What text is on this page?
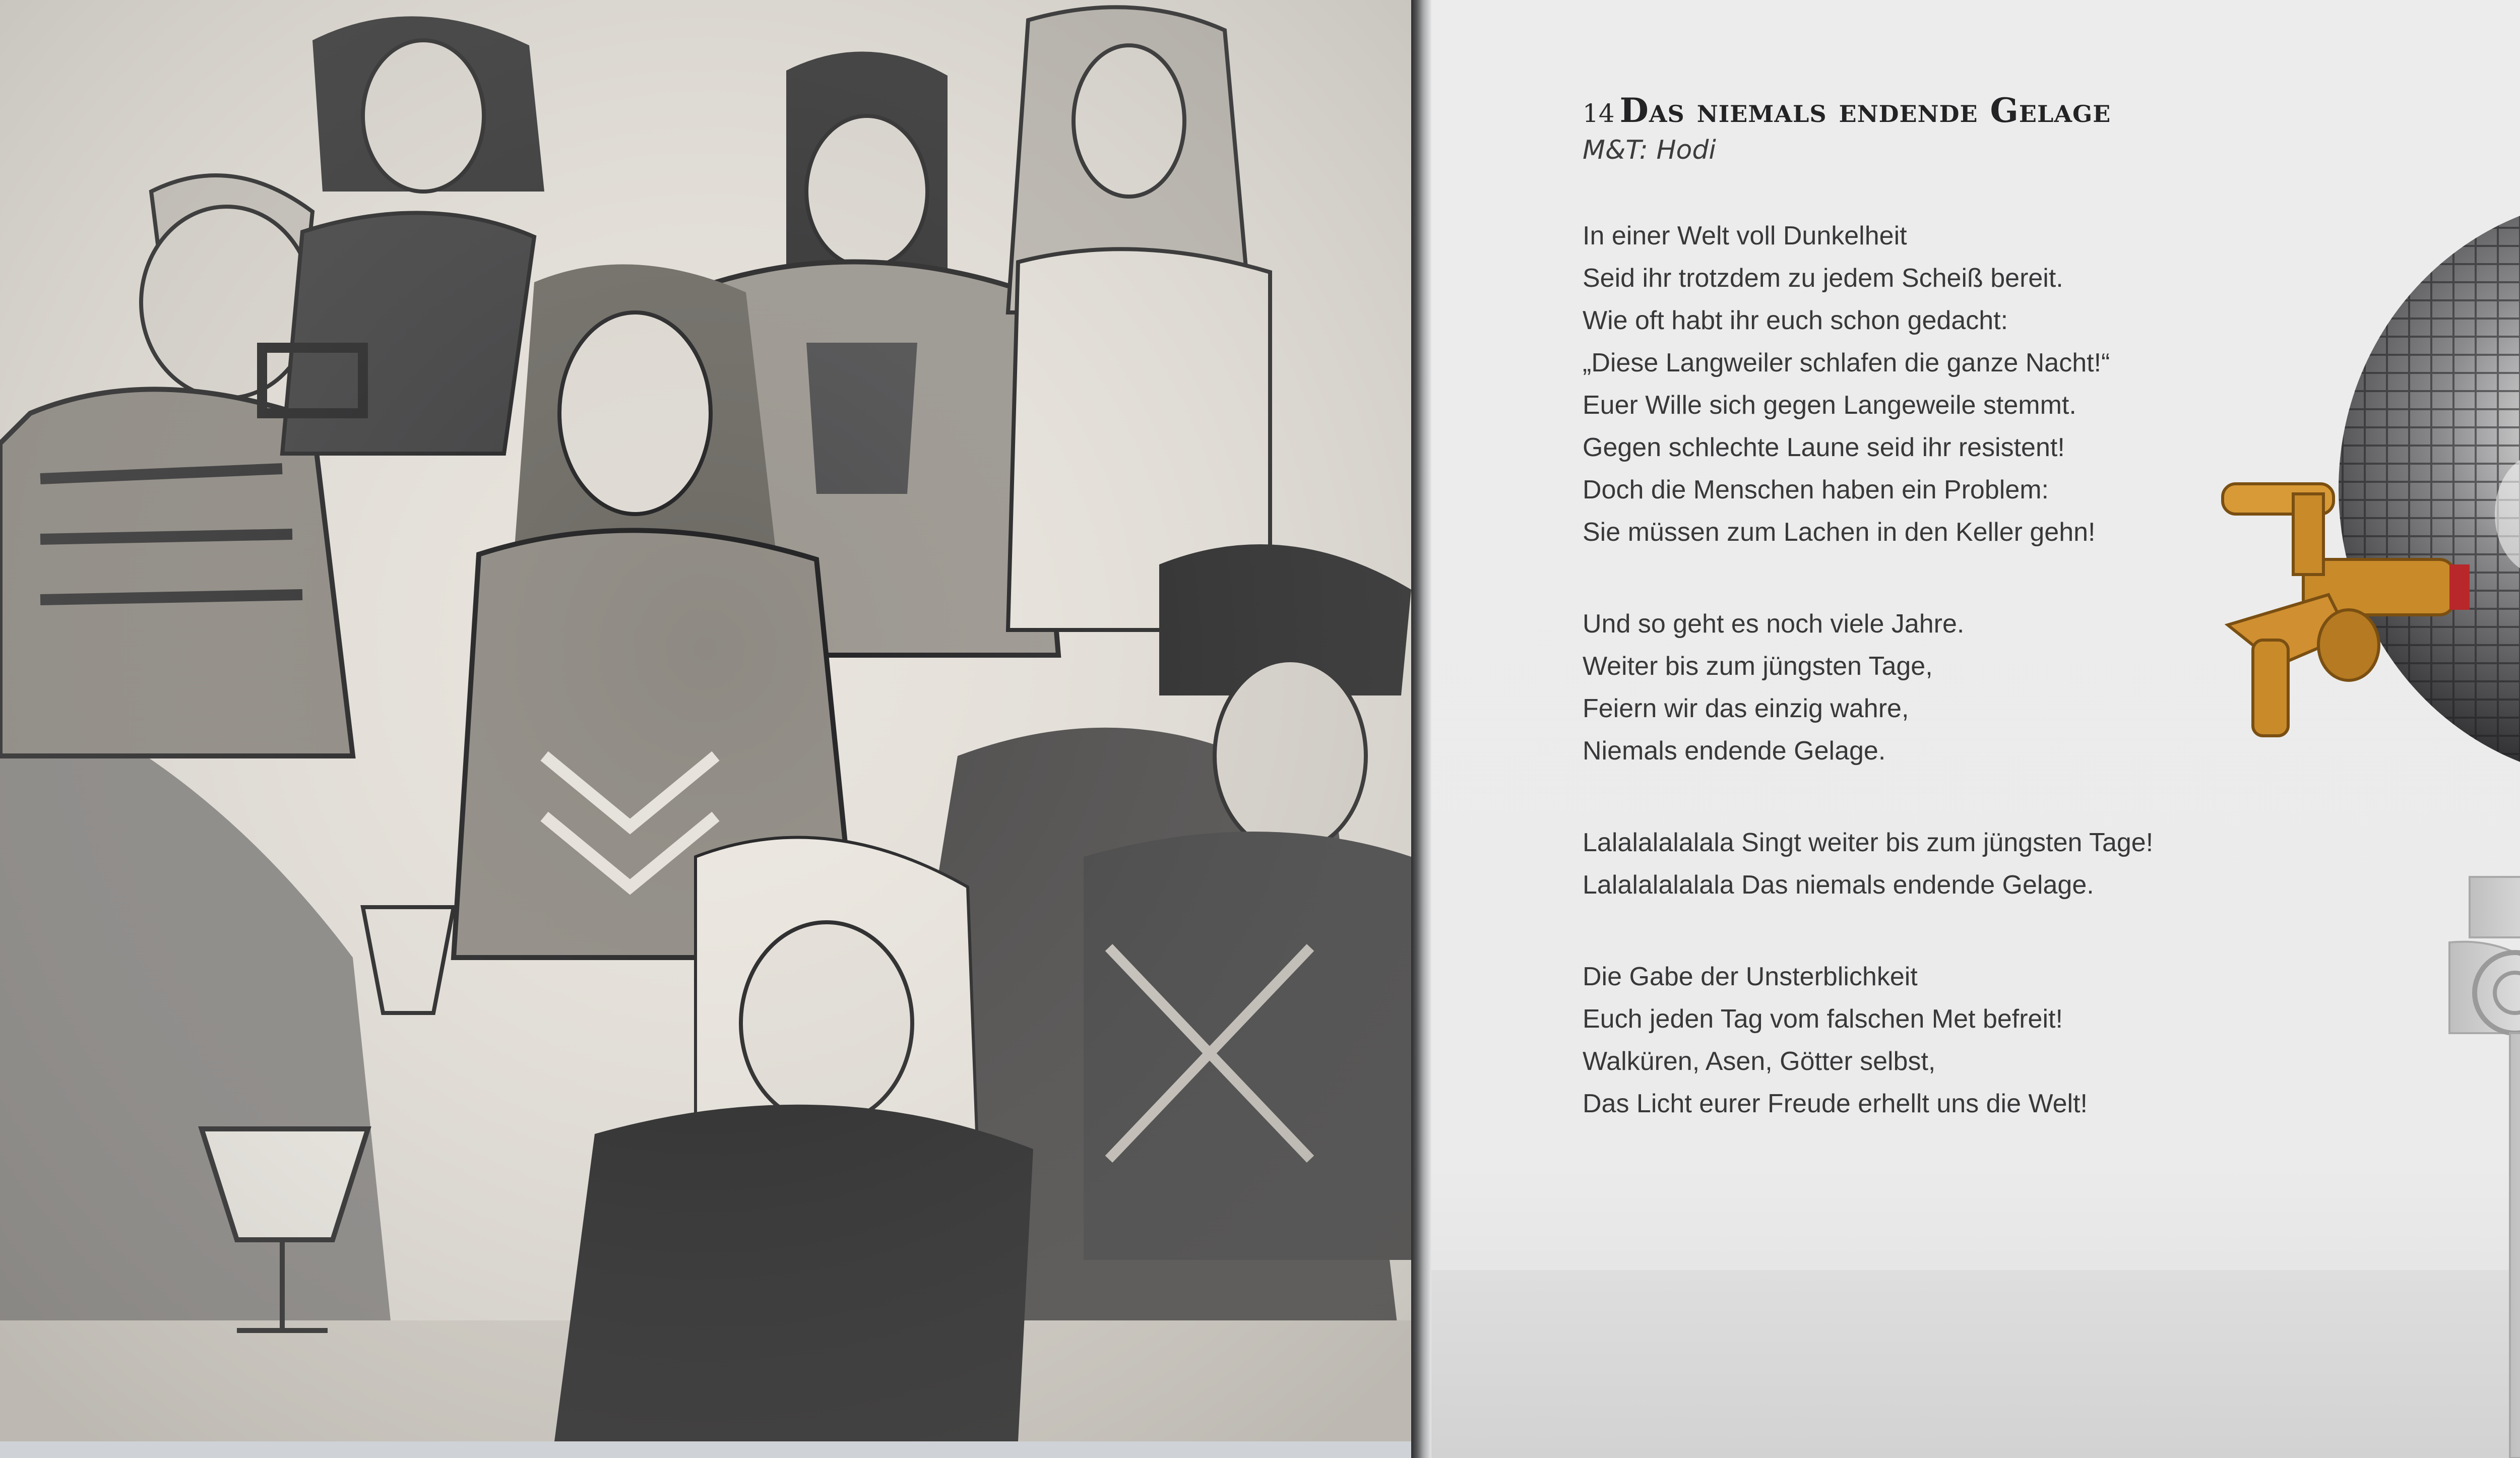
14 Das niemals endende Gelage
M&T: Hodi
In einer Welt voll Dunkelheit
Seid ihr trotzdem zu jedem Scheiß bereit.
Wie oft habt ihr euch schon gedacht:
„Diese Langweiler schlafen die ganze Nacht!“
Euer Wille sich gegen Langeweile stemmt.
Gegen schlechte Laune seid ihr resistent!
Doch die Menschen haben ein Problem:
Sie müssen zum Lachen in den Keller gehn!
Und so geht es noch viele Jahre.
Weiter bis zum jüngsten Tage,
Feiern wir das einzig wahre,
Niemals endende Gelage.
Lalalalalalala Singt weiter bis zum jüngsten Tage!
Lalalalalalala Das niemals endende Gelage.
Die Gabe der Unsterblichkeit
Euch jeden Tag vom falschen Met befreit!
Walküren, Asen, Götter selbst,
Das Licht eurer Freude erhellt uns die Welt!
